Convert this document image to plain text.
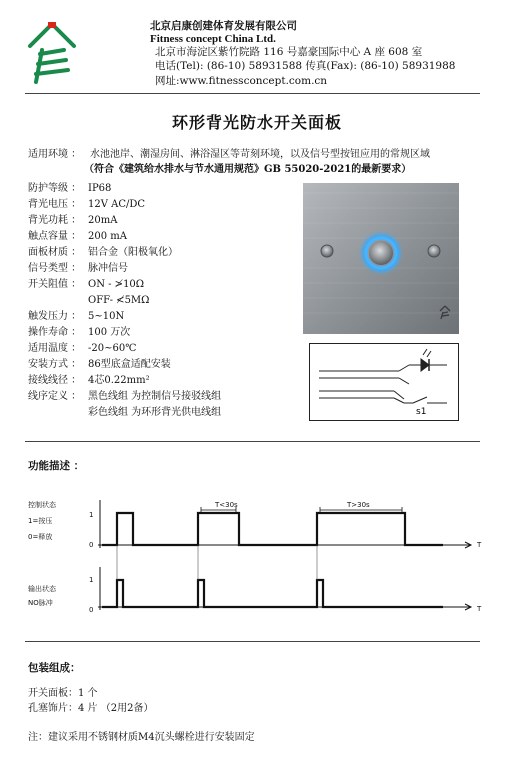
北京启康创建体育发展有限公司
Fitness concept China Ltd.
北京市海淀区紫竹院路 116 号嘉豪国际中心 A 座 608 室
电话(Tel): (86-10) 58931588 传真(Fax): (86-10) 58931988
网址:www.fitnessconcept.com.cn
环形背光防水开关面板
适用环境 ： 水池池岸、潮湿房间、淋浴湿区等苛刻环境，以及信号型按钮应用的常规区域
（符合《建筑给水排水与节水通用规范》GB 55020-2021的最新要求）
防护等级 ： IP68
背光电压 ： 12V AC/DC
背光功耗 ： 20mA
触点容量 ： 200 mA
面板材质 ： 铝合金（阳极氧化）
信号类型 ： 脉冲信号
开关阻值 ： ON - ≯10Ω
OFF- ≮5MΩ
触发压力 ： 5~10N
操作寿命 ： 100 万次
适用温度 ： -20~60℃
安装方式 ： 86型底盒适配安装
接线线径 ： 4芯0.22mm²
线序定义 ： 黑色线组 为控制信号接驳线组
彩色线组 为环形背光供电线组	s1
功能描述 ：
控制状态
1=按压
0=释放
1
0
T<30s	T>30s
T
输出状态
NO脉冲
1
0	T
包装组成：
开关面板：1 个
孔塞饰片：4 片 （2用2备）
注：建议采用不锈钢材质M4沉头螺栓进行安装固定
